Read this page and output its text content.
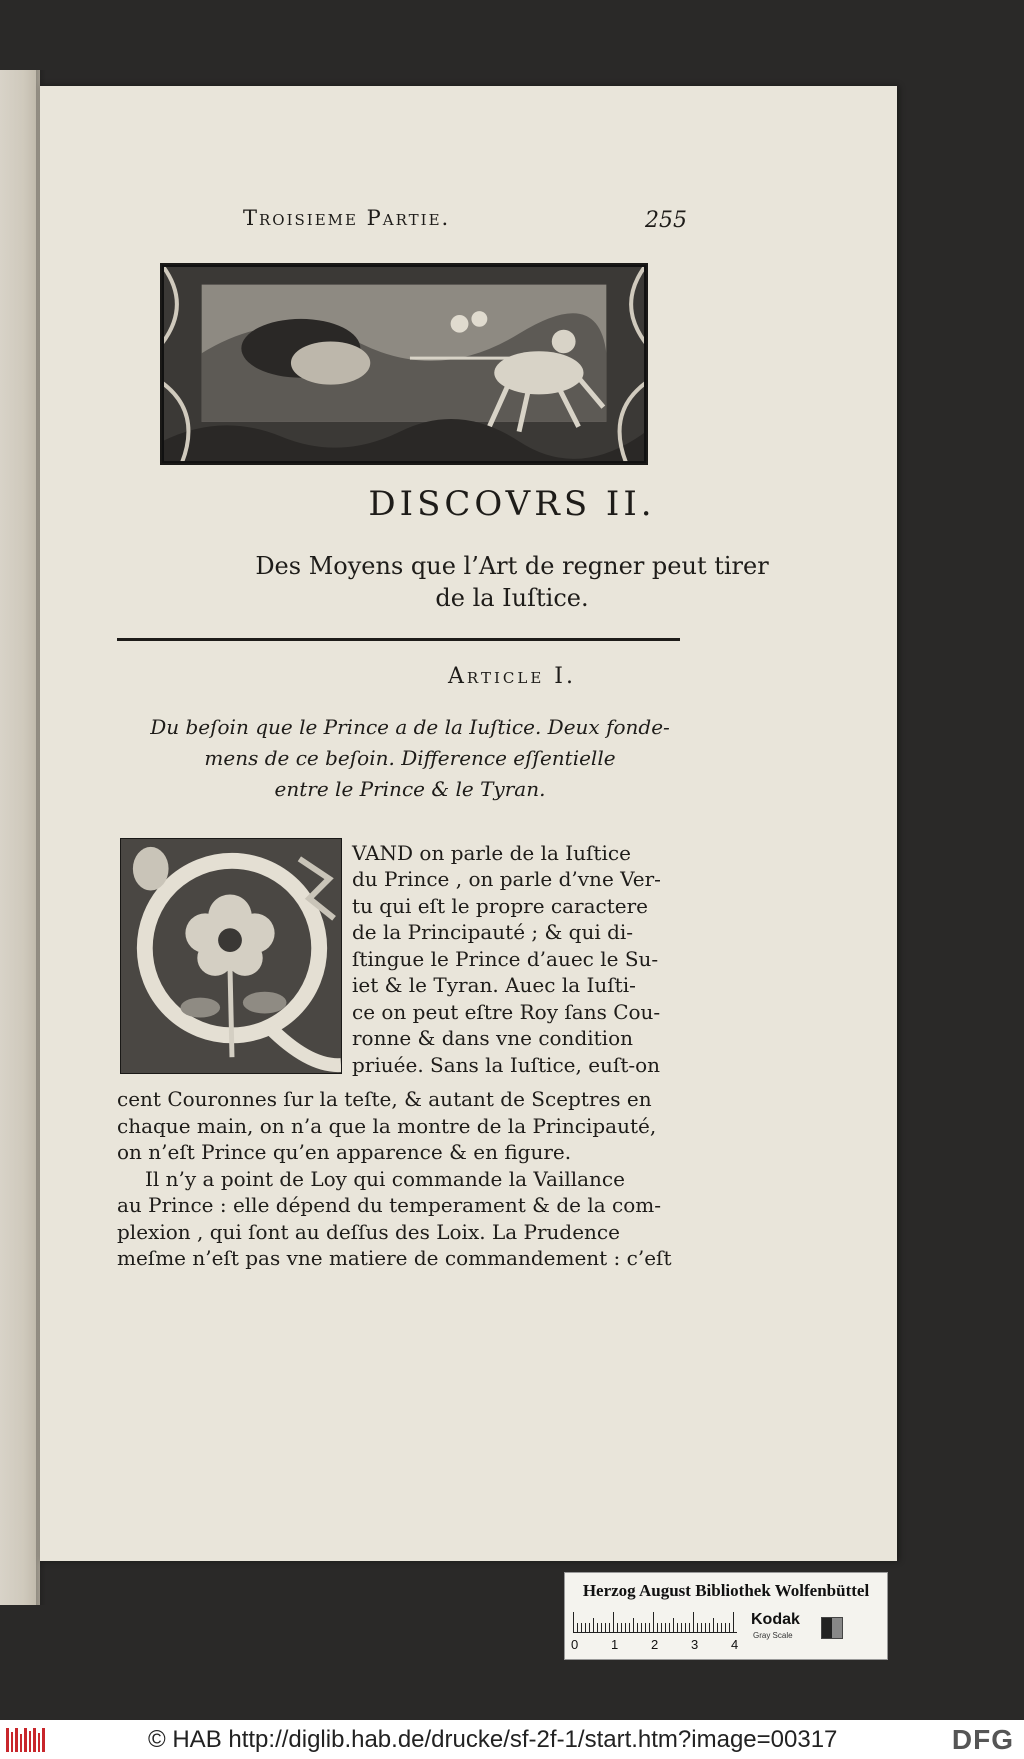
Troisieme Partie.	255
DISCOVRS II.
Des Moyens que l’Art de regner peut tirer
de la Iuſtice.
Article I.
Du beſoin que le Prince a de la Iuſtice. Deux fonde-
mens de ce beſoin. Difference eſſentielle
entre le Prince & le Tyran.
VAND on parle de la Iuſtice
du Prince , on parle d’vne Ver-
tu qui eſt le propre caractere
de la Principauté ; & qui di-
ſtingue le Prince d’auec le Su-
iet & le Tyran. Auec la Iuſti-
ce on peut eſtre Roy ſans Cou-
ronne & dans vne condition
priuée. Sans la Iuſtice, euſt-on
cent Couronnes ſur la teſte, & autant de Sceptres en
chaque main, on n’a que la montre de la Principauté,
on n’eſt Prince qu’en apparence & en figure.
Il n’y a point de Loy qui commande la Vaillance
au Prince : elle dépend du temperament & de la com-
plexion , qui ſont au deſſus des Loix. La Prudence
meſme n’eſt pas vne matiere de commandement : c’eſt
Herzog August Bibliothek Wolfenbüttel
0	1	2	3	4
Kodak
Gray Scale
© HAB http://diglib.hab.de/drucke/sf-2f-1/start.htm?image=00317	DFG
